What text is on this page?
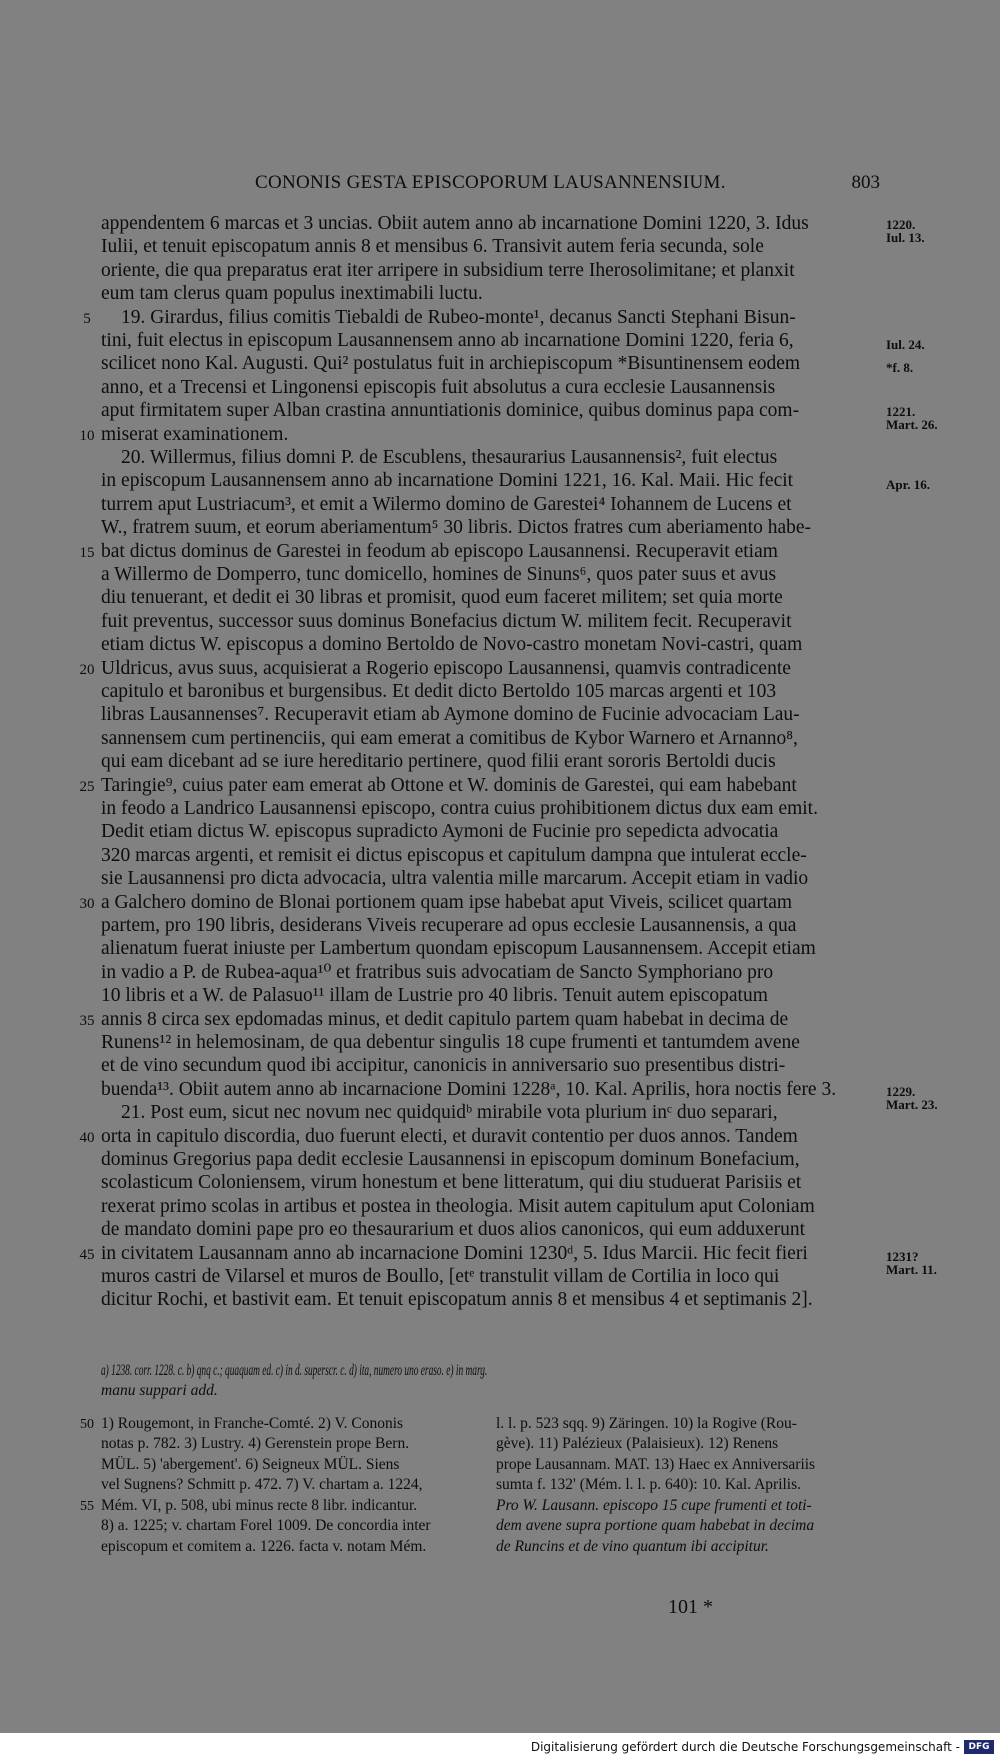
CONONIS GESTA EPISCOPORUM LAUSANNENSIUM.	803
appendentem 6 marcas et 3 uncias. Obiit autem anno ab incarnatione Domini 1220, 3. Idus
Iulii, et tenuit episcopatum annis 8 et mensibus 6. Transivit autem feria secunda, sole
oriente, die qua preparatus erat iter arripere in subsidium terre Iherosolimitane; et planxit
eum tam clerus quam populus inextimabili luctu.
19. Girardus, filius comitis Tiebaldi de Rubeo-monte¹, decanus Sancti Stephani Bisun-
tini, fuit electus in episcopum Lausannensem anno ab incarnatione Domini 1220, feria 6,
scilicet nono Kal. Augusti. Qui² postulatus fuit in archiepiscopum *Bisuntinensem eodem
anno, et a Trecensi et Lingonensi episcopis fuit absolutus a cura ecclesie Lausannensis
aput firmitatem super Alban crastina annuntiationis dominice, quibus dominus papa com-
miserat examinationem.
20. Willermus, filius domni P. de Escublens, thesaurarius Lausannensis², fuit electus
in episcopum Lausannensem anno ab incarnatione Domini 1221, 16. Kal. Maii. Hic fecit
turrem aput Lustriacum³, et emit a Wilermo domino de Garestei⁴ Iohannem de Lucens et
W., fratrem suum, et eorum aberiamentum⁵ 30 libris. Dictos fratres cum aberiamento habe-
bat dictus dominus de Garestei in feodum ab episcopo Lausannensi. Recuperavit etiam
a Willermo de Domperro, tunc domicello, homines de Sinuns⁶, quos pater suus et avus
diu tenuerant, et dedit ei 30 libras et promisit, quod eum faceret militem; set quia morte
fuit preventus, successor suus dominus Bonefacius dictum W. militem fecit. Recuperavit
etiam dictus W. episcopus a domino Bertoldo de Novo-castro monetam Novi-castri, quam
Uldricus, avus suus, acquisierat a Rogerio episcopo Lausannensi, quamvis contradicente
capitulo et baronibus et burgensibus. Et dedit dicto Bertoldo 105 marcas argenti et 103
libras Lausannenses⁷. Recuperavit etiam ab Aymone domino de Fucinie advocaciam Lau-
sannensem cum pertinenciis, qui eam emerat a comitibus de Kybor Warnero et Arnanno⁸,
qui eam dicebant ad se iure hereditario pertinere, quod filii erant sororis Bertoldi ducis
Taringie⁹, cuius pater eam emerat ab Ottone et W. dominis de Garestei, qui eam habebant
in feodo a Landrico Lausannensi episcopo, contra cuius prohibitionem dictus dux eam emit.
Dedit etiam dictus W. episcopus supradicto Aymoni de Fucinie pro sepedicta advocatia
320 marcas argenti, et remisit ei dictus episcopus et capitulum dampna que intulerat eccle-
sie Lausannensi pro dicta advocacia, ultra valentia mille marcarum. Accepit etiam in vadio
a Galchero domino de Blonai portionem quam ipse habebat aput Viveis, scilicet quartam
partem, pro 190 libris, desiderans Viveis recuperare ad opus ecclesie Lausannensis, a qua
alienatum fuerat iniuste per Lambertum quondam episcopum Lausannensem. Accepit etiam
in vadio a P. de Rubea-aqua¹⁰ et fratribus suis advocatiam de Sancto Symphoriano pro
10 libris et a W. de Palasuo¹¹ illam de Lustrie pro 40 libris. Tenuit autem episcopatum
annis 8 circa sex epdomadas minus, et dedit capitulo partem quam habebat in decima de
Runens¹² in helemosinam, de qua debentur singulis 18 cupe frumenti et tantumdem avene
et de vino secundum quod ibi accipitur, canonicis in anniversario suo presentibus distri-
buenda¹³. Obiit autem anno ab incarnacione Domini 1228ᵃ, 10. Kal. Aprilis, hora noctis fere 3.
21. Post eum, sicut nec novum nec quidquidᵇ mirabile vota plurium inᶜ duo separari,
orta in capitulo discordia, duo fuerunt electi, et duravit contentio per duos annos. Tandem
dominus Gregorius papa dedit ecclesie Lausannensi in episcopum dominum Bonefacium,
scolasticum Coloniensem, virum honestum et bene litteratum, qui diu studuerat Parisiis et
rexerat primo scolas in artibus et postea in theologia. Misit autem capitulum aput Coloniam
de mandato domini pape pro eo thesaurarium et duos alios canonicos, qui eum adduxerunt
in civitatem Lausannam anno ab incarnacione Domini 1230ᵈ, 5. Idus Marcii. Hic fecit fieri
muros castri de Vilarsel et muros de Boullo, [etᵉ transtulit villam de Cortilia in loco qui
dicitur Rochi, et bastivit eam. Et tenuit episcopatum annis 8 et mensibus 4 et septimanis 2].
5
10
15
20
25
30
35
40
45
1220.
Iul. 13.
Iul. 24.
*f. 8.
1221.
Mart. 26.
Apr. 16.
1229.
Mart. 23.
1231?
Mart. 11.
a) 1238. corr. 1228. c. b) qnq c.; quaquam ed. c) in d. superscr. c. d) ita, numero uno eraso. e) in marg.
manu suppari add.
50
55
1) Rougemont, in Franche-Comté. 2) V. Cononis
notas p. 782. 3) Lustry. 4) Gerenstein prope Bern.
MÜL. 5) 'abergement'. 6) Seigneux MÜL. Siens
vel Sugnens? Schmitt p. 472. 7) V. chartam a. 1224,
Mém. VI, p. 508, ubi minus recte 8 libr. indicantur.
8) a. 1225; v. chartam Forel 1009. De concordia inter
episcopum et comitem a. 1226. facta v. notam Mém.
l. l. p. 523 sqq. 9) Zäringen. 10) la Rogive (Rou-
gève). 11) Palézieux (Palaisieux). 12) Renens
prope Lausannam. MAT. 13) Haec ex Anniversariis
sumta f. 132' (Mém. l. l. p. 640): 10. Kal. Aprilis.
Pro W. Lausann. episcopo 15 cupe frumenti et toti-
dem avene supra portione quam habebat in decima
de Runcins et de vino quantum ibi accipitur.
101 *
Digitalisierung gefördert durch die Deutsche Forschungsgemeinschaft - DFG
